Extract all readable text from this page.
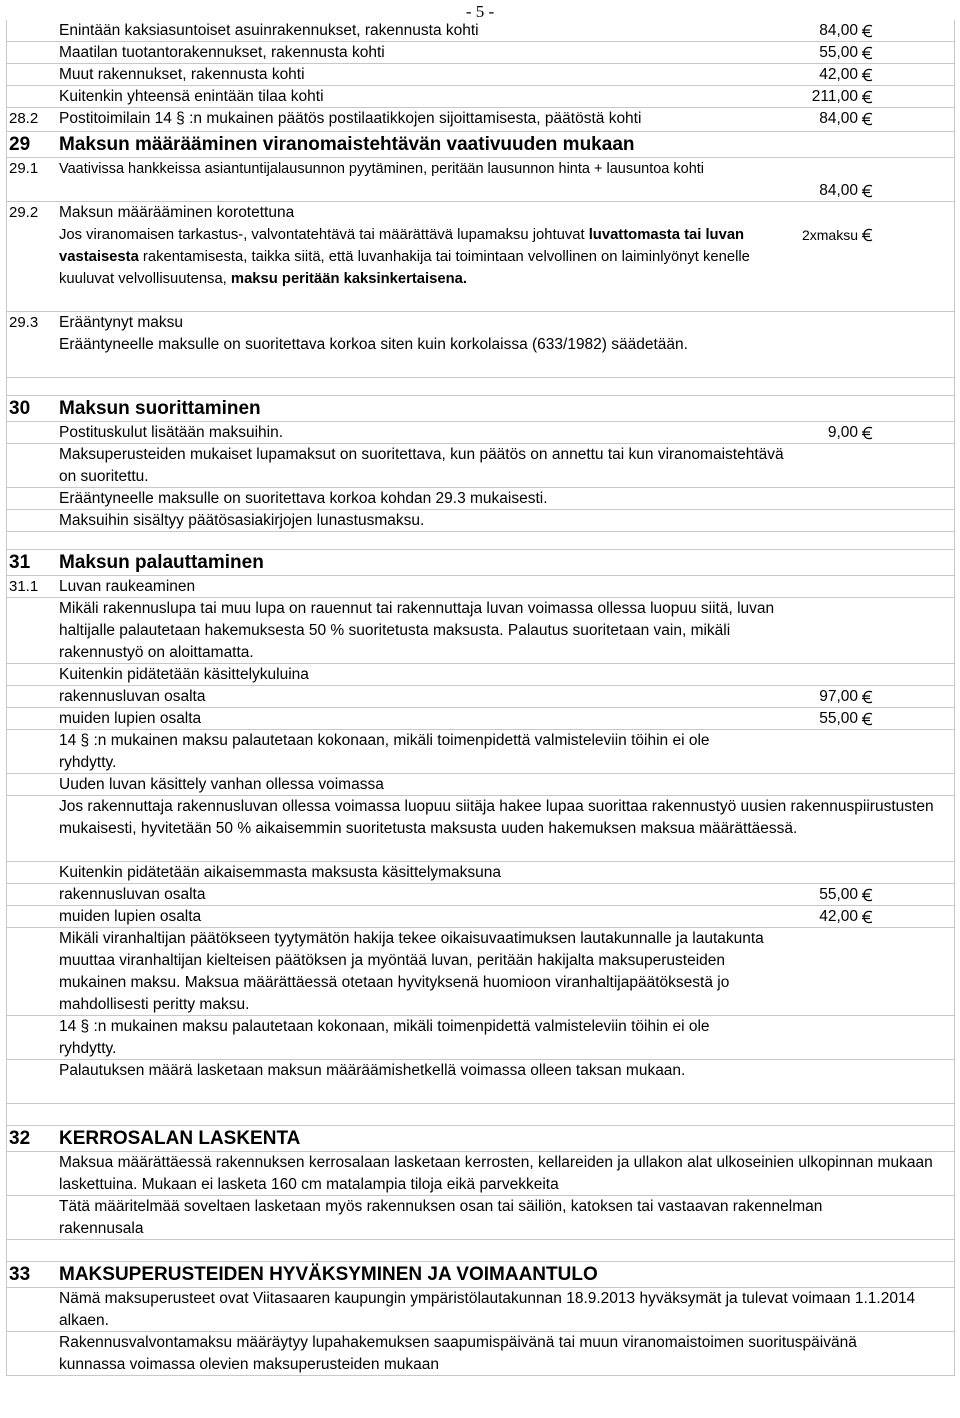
- 5 -
Enintään kaksiasuntoiset asuinrakennukset, rakennusta kohti	84,00
Maatilan tuotantorakennukset, rakennusta kohti	55,00
Muut rakennukset, rakennusta kohti	42,00
Kuitenkin yhteensä enintään tilaa kohti	211,00
28.2 Postitoimilain 14 § :n mukainen päätös postilaatikkojen sijoittamisesta, päätöstä kohti	84,00
29 Maksun määrääminen viranomaistehtävän vaativuuden mukaan
29.1 Vaativissa hankkeissa asiantuntijalausunnon pyytäminen, peritään lausunnon hinta + lausuntoa kohti
84,00
29.2 Maksun määrääminen korotettuna
Jos viranomaisen tarkastus-, valvontatehtävä tai määrättävä lupamaksu johtuvat luvattomasta tai luvan vastaisesta rakentamisesta, taikka siitä, että luvanhakija tai toimintaan velvollinen on laiminlyönyt kenelle kuuluvat velvollisuutensa, maksu peritään kaksinkertaisena.
2xmaksu
29.3 Erääntynyt maksu
Erääntyneelle maksulle on suoritettava korkoa siten kuin korkolaissa (633/1982) säädetään.
30 Maksun suorittaminen
Postituskulut lisätään maksuihin.	9,00
Maksuperusteiden mukaiset lupamaksut on suoritettava, kun päätös on annettu tai kun viranomaistehtävä on suoritettu.
Erääntyneelle maksulle on suoritettava korkoa kohdan 29.3 mukaisesti.
Maksuihin sisältyy päätösasiakirjojen lunastusmaksu.
31 Maksun palauttaminen
31.1 Luvan raukeaminen
Mikäli rakennuslupa tai muu lupa on rauennut tai rakennuttaja luvan voimassa ollessa luopuu siitä, luvan haltijalle palautetaan hakemuksesta 50 % suoritetusta maksusta. Palautus suoritetaan vain, mikäli rakennustyö on aloittamatta.
Kuitenkin pidätetään käsittelykuluina
rakennusluvan osalta	97,00
muiden lupien osalta	55,00
14 § :n mukainen maksu palautetaan kokonaan, mikäli toimenpidettä valmisteleviin töihin ei ole ryhdytty.
Uuden luvan käsittely vanhan ollessa voimassa
Jos rakennuttaja rakennusluvan ollessa voimassa luopuu siitäja hakee lupaa suorittaa rakennustyö uusien rakennuspiirustusten mukaisesti, hyvitetään 50 % aikaisemmin suoritetusta maksusta uuden hakemuksen maksua määrättäessä.
Kuitenkin pidätetään aikaisemmasta maksusta käsittelymaksuna
rakennusluvan osalta	55,00
muiden lupien osalta	42,00
Mikäli viranhaltijan päätökseen tyytymätön hakija tekee oikaisuvaatimuksen lautakunnalle ja lautakunta muuttaa viranhaltijan kielteisen päätöksen ja myöntää luvan, peritään hakijalta maksuperusteiden mukainen maksu. Maksua määrättäessä otetaan hyvityksenä huomioon viranhaltijapäätöksestä jo mahdollisesti peritty maksu.
14 § :n mukainen maksu palautetaan kokonaan, mikäli toimenpidettä valmisteleviin töihin ei ole ryhdytty.
Palautuksen määrä lasketaan maksun määräämishetkellä voimassa olleen taksan mukaan.
32 KERROSALAN LASKENTA
Maksua määrättäessä rakennuksen kerrosalaan lasketaan kerrosten, kellareiden ja ullakon alat ulkoseinien ulkopinnan mukaan laskettuina. Mukaan ei lasketa 160 cm matalampia tiloja eikä parvekkeita
Tätä määritelmää soveltaen lasketaan myös rakennuksen osan tai säiliön, katoksen tai vastaavan rakennelman rakennusala
33 MAKSUPERUSTEIDEN HYVÄKSYMINEN JA VOIMAANTULO
Nämä maksuperusteet ovat Viitasaaren kaupungin ympäristölautakunnan 18.9.2013 hyväksymät ja tulevat voimaan 1.1.2014 alkaen.
Rakennusvalvontamaksu määräytyy lupahakemuksen saapumispäivänä tai muun viranomaistoimen suorituspäivänä kunnassa voimassa olevien maksuperusteiden mukaan
